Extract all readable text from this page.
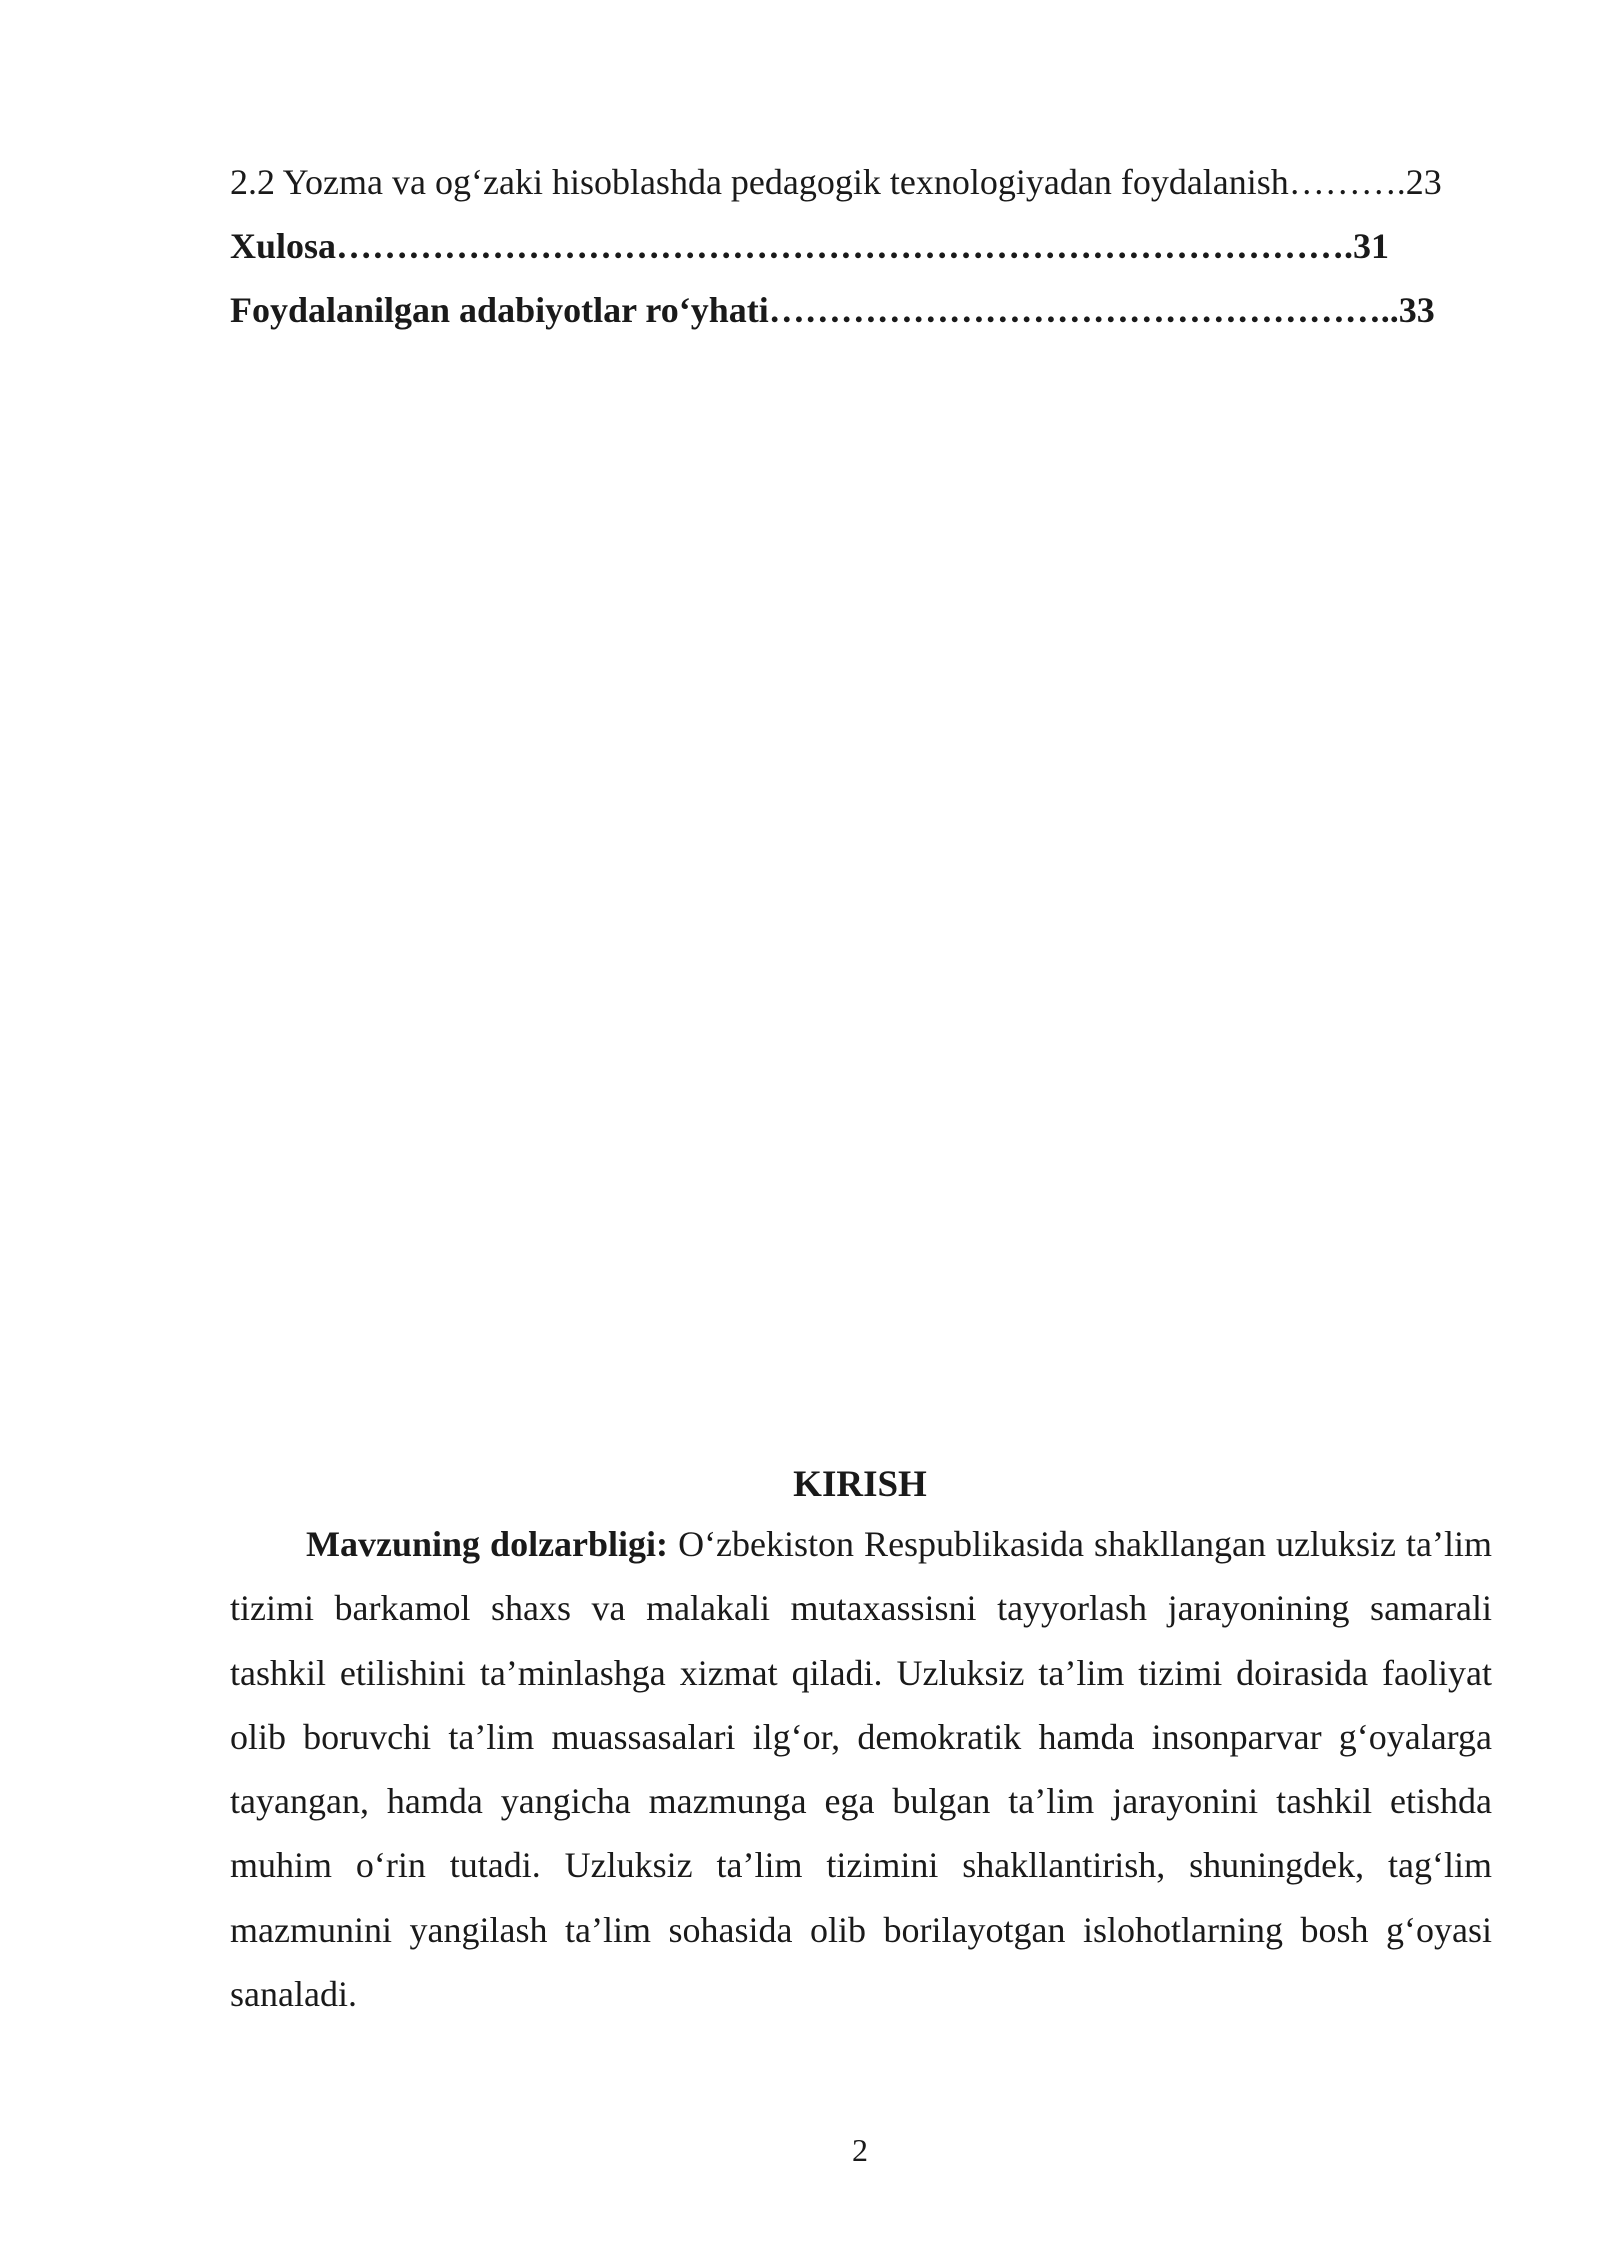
2.2 Yozma va og‘zaki hisoblashda pedagogik texnologiyadan foydalanish……….23
Xulosa………………………………………………………………………….31
Foydalanilgan adabiyotlar ro‘yhati……………………………………………..33
KIRISH

Mavzuning dolzarbligi: O‘zbekiston Respublikasida shakllangan uzluksiz ta’lim tizimi barkamol shaxs va malakali mutaxassisni tayyorlash jarayonining samarali tashkil etilishini ta’minlashga xizmat qiladi. Uzluksiz ta’lim tizimi doirasida faoliyat olib boruvchi ta’lim muassasalari ilg‘or, demokratik hamda insonparvar g‘oyalarga tayangan, hamda yangicha mazmunga ega bulgan ta’lim jarayonini tashkil etishda muhim o‘rin tutadi. Uzluksiz ta’lim tizimini shakllantirish, shuningdek, tag‘lim mazmunini yangilash ta’lim sohasida olib borilayotgan islohotlarning bosh g‘oyasi sanaladi.

2
